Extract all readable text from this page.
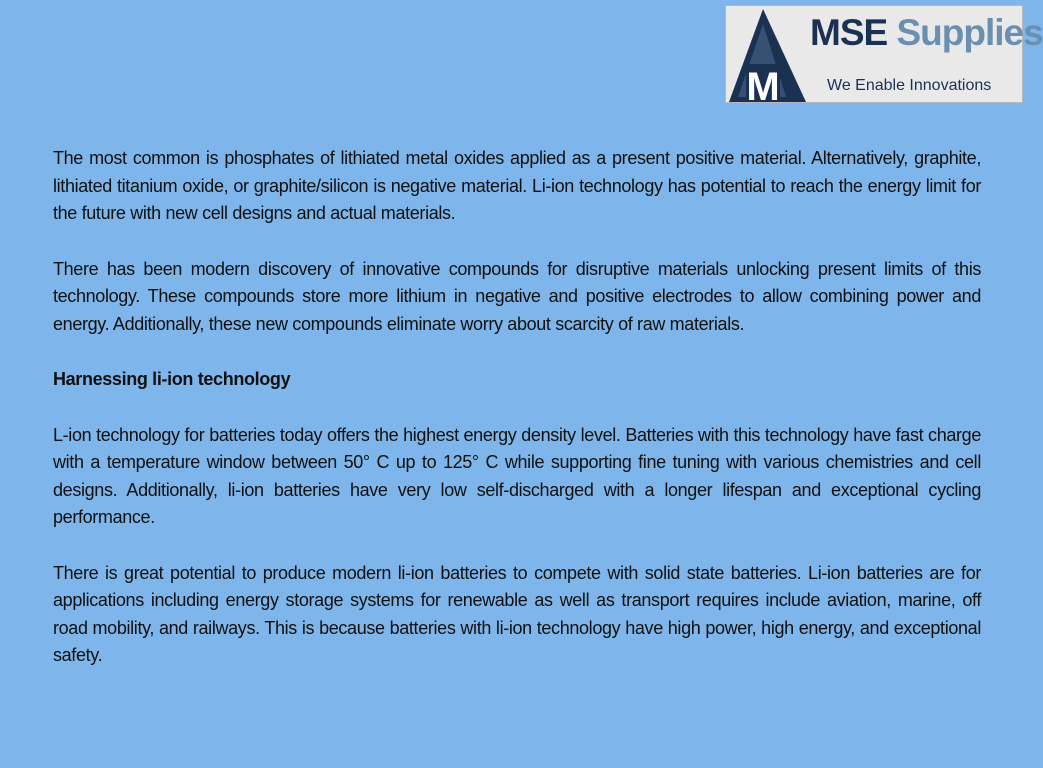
M
MSE Supplies
We Enable Innovations

The most common is phosphates of lithiated metal oxides applied as a present positive material. Alternatively, graphite, lithiated titanium oxide, or graphite/silicon is negative material. Li-ion technology has potential to reach the energy limit for the future with new cell designs and actual materials.

There has been modern discovery of innovative compounds for disruptive materials unlocking present limits of this technology. These compounds store more lithium in negative and positive electrodes to allow combining power and energy. Additionally, these new compounds eliminate worry about scarcity of raw materials.

Harnessing li-ion technology

L-ion technology for batteries today offers the highest energy density level. Batteries with this technology have fast charge with a temperature window between 50° C up to 125° C while supporting fine tuning with various chemistries and cell designs. Additionally, li-ion batteries have very low self-discharged with a longer lifespan and exceptional cycling performance.

There is great potential to produce modern li-ion batteries to compete with solid state batteries. Li-ion batteries are for applications including energy storage systems for renewable as well as transport requires include aviation, marine, off road mobility, and railways. This is because batteries with li-ion technology have high power, high energy, and exceptional safety.
